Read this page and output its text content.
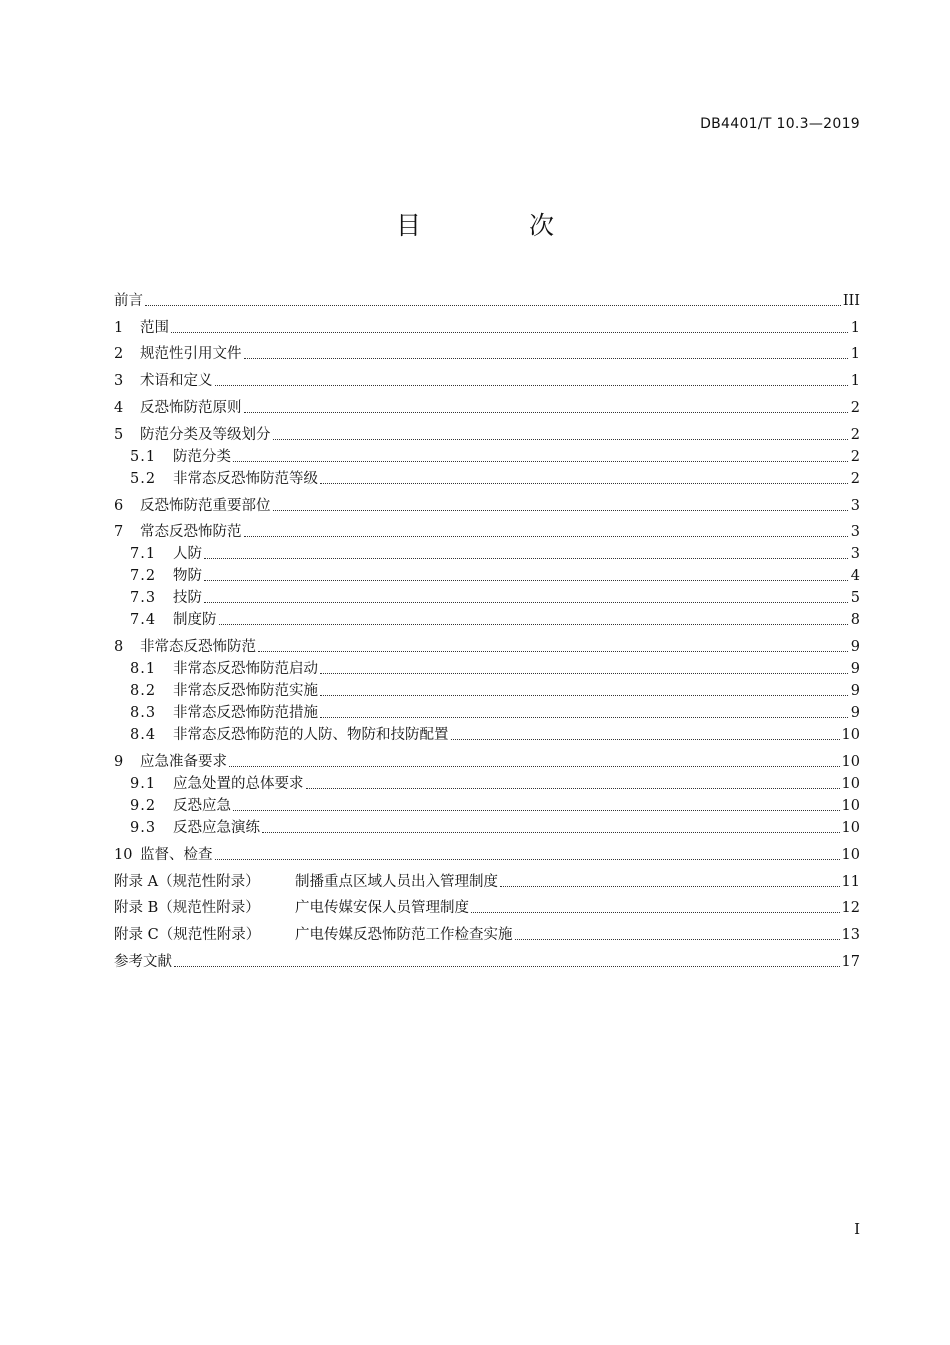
DB4401/T 10.3—2019
目 次
前言	III
1	范围	1
2	规范性引用文件	1
3	术语和定义	1
4	反恐怖防范原则	2
5	防范分类及等级划分	2
5.1	防范分类	2
5.2	非常态反恐怖防范等级	2
6	反恐怖防范重要部位	3
7	常态反恐怖防范	3
7.1	人防	3
7.2	物防	4
7.3	技防	5
7.4	制度防	8
8	非常态反恐怖防范	9
8.1	非常态反恐怖防范启动	9
8.2	非常态反恐怖防范实施	9
8.3	非常态反恐怖防范措施	9
8.4	非常态反恐怖防范的人防、物防和技防配置	10
9	应急准备要求	10
9.1	应急处置的总体要求	10
9.2	反恐应急	10
9.3	反恐应急演练	10
10 监督、检查	10
附录 A（规范性附录）	制播重点区域人员出入管理制度	11
附录 B（规范性附录）	广电传媒安保人员管理制度	12
附录 C（规范性附录）	广电传媒反恐怖防范工作检查实施	13
参考文献	17
I
